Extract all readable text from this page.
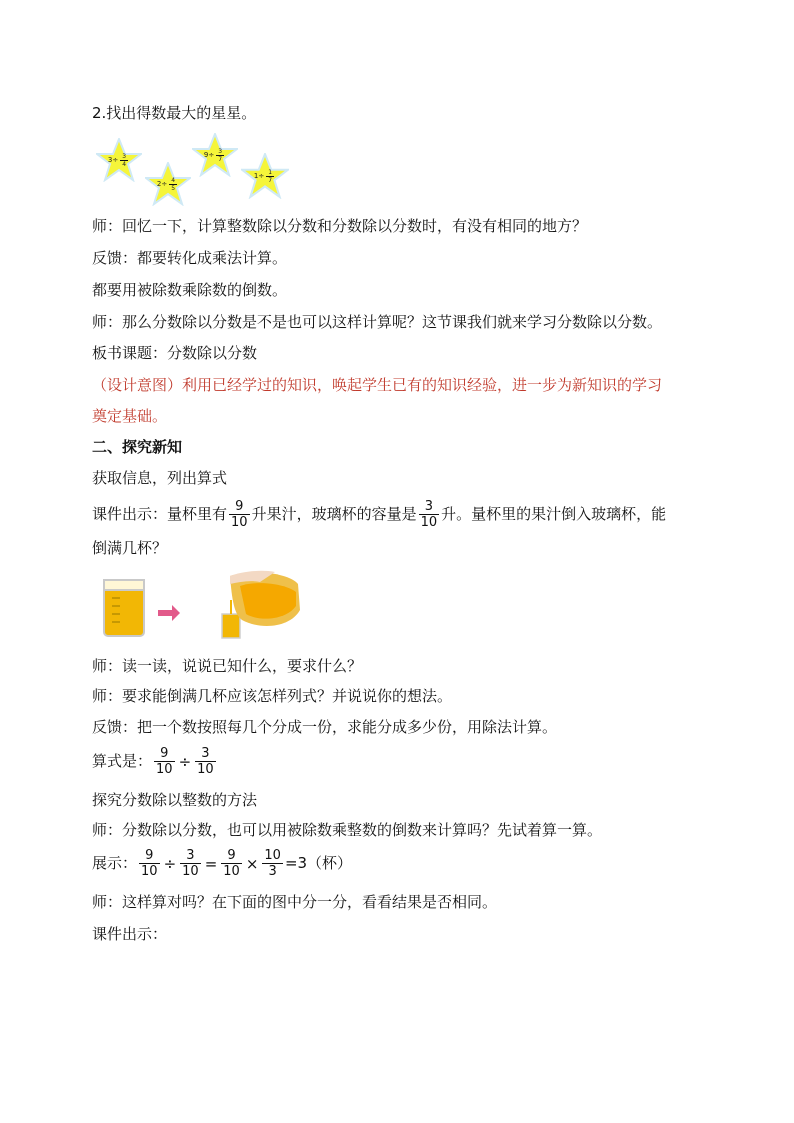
2.找出得数最大的星星。
$3 \div \frac{3}{4}$
$2 \div \frac{4}{5}$
$9 \div \frac{3}{7}$
$1 \div \frac{1}{7}$
师：回忆一下，计算整数除以分数和分数除以分数时，有没有相同的地方？
反馈：都要转化成乘法计算。
都要用被除数乘除数的倒数。
师：那么分数除以分数是不是也可以这样计算呢？这节课我们就来学习分数除以分数。
板书课题：分数除以分数
（设计意图）利用已经学过的知识，唤起学生已有的知识经验，进一步为新知识的学习
奠定基础。
二、探究新知
获取信息，列出算式
课件出示：量杯里有 $\frac{9}{10}$ 升果汁，玻璃杯的容量是 $\frac{3}{10}$ 升。量杯里的果汁倒入玻璃杯，能
倒满几杯？
师：读一读，说说已知什么，要求什么？
师：要求能倒满几杯应该怎样列式？并说说你的想法。
反馈：把一个数按照每几个分成一份，求能分成多少份，用除法计算。
算式是： $\frac{9}{10} \div \frac{3}{10}$
探究分数除以整数的方法
师：分数除以分数，也可以用被除数乘整数的倒数来计算吗？先试着算一算。
展示： $\frac{9}{10} \div \frac{3}{10} = \frac{9}{10} \times \frac{10}{3} =3$（杯）
师：这样算对吗？在下面的图中分一分，看看结果是否相同。
课件出示：
